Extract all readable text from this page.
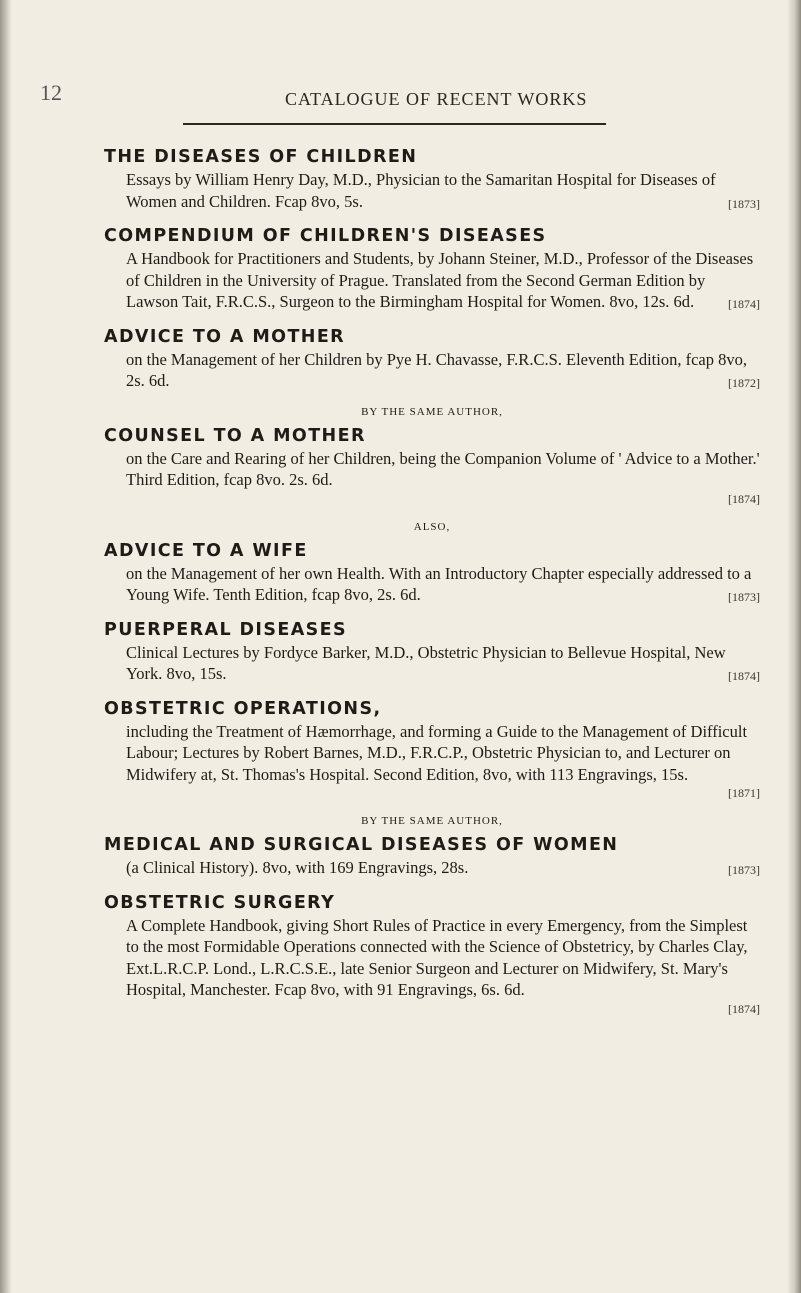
12	CATALOGUE OF RECENT WORKS

THE DISEASES OF CHILDREN

Essays by William Henry Day, M.D., Physician to the Samaritan Hospital for Diseases of Women and Children. Fcap 8vo, 5s.	[1873]

COMPENDIUM OF CHILDREN'S DISEASES

A Handbook for Practitioners and Students, by Johann Steiner, M.D., Professor of the Diseases of Children in the University of Prague. Translated from the Second German Edition by Lawson Tait, F.R.C.S., Surgeon to the Birmingham Hospital for Women. 8vo, 12s. 6d.	[1874]

ADVICE TO A MOTHER

on the Management of her Children by Pye H. Chavasse, F.R.C.S. Eleventh Edition, fcap 8vo, 2s. 6d.	[1872]

BY THE SAME AUTHOR,

COUNSEL TO A MOTHER

on the Care and Rearing of her Children, being the Companion Volume of ' Advice to a Mother.' Third Edition, fcap 8vo. 2s. 6d.

[1874]
ALSO,

ADVICE TO A WIFE

on the Management of her own Health. With an Introductory Chapter especially addressed to a Young Wife. Tenth Edition, fcap 8vo, 2s. 6d.	[1873]

PUERPERAL DISEASES

Clinical Lectures by Fordyce Barker, M.D., Obstetric Physician to Bellevue Hospital, New York. 8vo, 15s.	[1874]

OBSTETRIC OPERATIONS,

including the Treatment of Hæmorrhage, and forming a Guide to the Management of Difficult Labour; Lectures by Robert Barnes, M.D., F.R.C.P., Obstetric Physician to, and Lecturer on Midwifery at, St. Thomas's Hospital. Second Edition, 8vo, with 113 Engravings, 15s.

[1871]
BY THE SAME AUTHOR,

MEDICAL AND SURGICAL DISEASES OF WOMEN

(a Clinical History). 8vo, with 169 Engravings, 28s.	[1873]

OBSTETRIC SURGERY

A Complete Handbook, giving Short Rules of Practice in every Emergency, from the Simplest to the most Formidable Operations connected with the Science of Obstetricy, by Charles Clay, Ext.L.R.C.P. Lond., L.R.C.S.E., late Senior Surgeon and Lecturer on Midwifery, St. Mary's Hospital, Manchester. Fcap 8vo, with 91 Engravings, 6s. 6d.

[1874]
